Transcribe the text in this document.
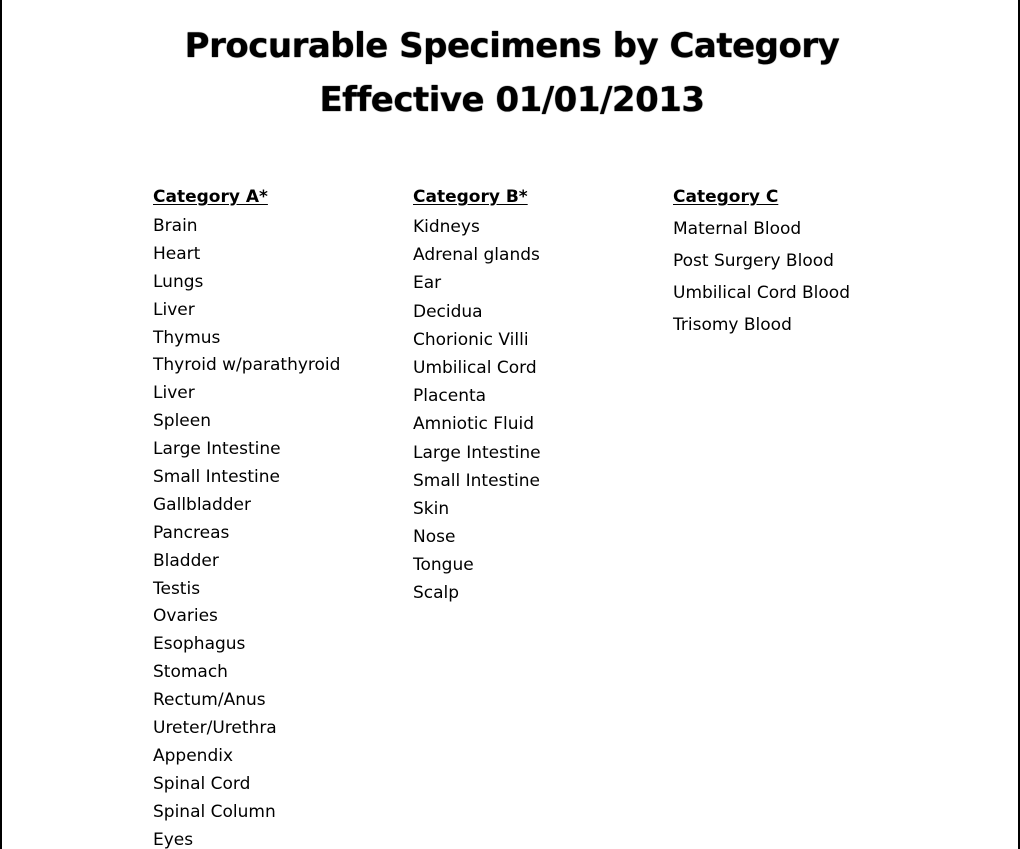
Procurable Specimens by Category
Effective 01/01/2013
Category A*
Brain
Heart
Lungs
Liver
Thymus
Thyroid w/parathyroid
Liver
Spleen
Large Intestine
Small Intestine
Gallbladder
Pancreas
Bladder
Testis
Ovaries
Esophagus
Stomach
Rectum/Anus
Ureter/Urethra
Appendix
Spinal Cord
Spinal Column
Eyes
Category B*
Kidneys
Adrenal glands
Ear
Decidua
Chorionic Villi
Umbilical Cord
Placenta
Amniotic Fluid
Large Intestine
Small Intestine
Skin
Nose
Tongue
Scalp
Category C
Maternal Blood
Post Surgery Blood
Umbilical Cord Blood
Trisomy Blood
